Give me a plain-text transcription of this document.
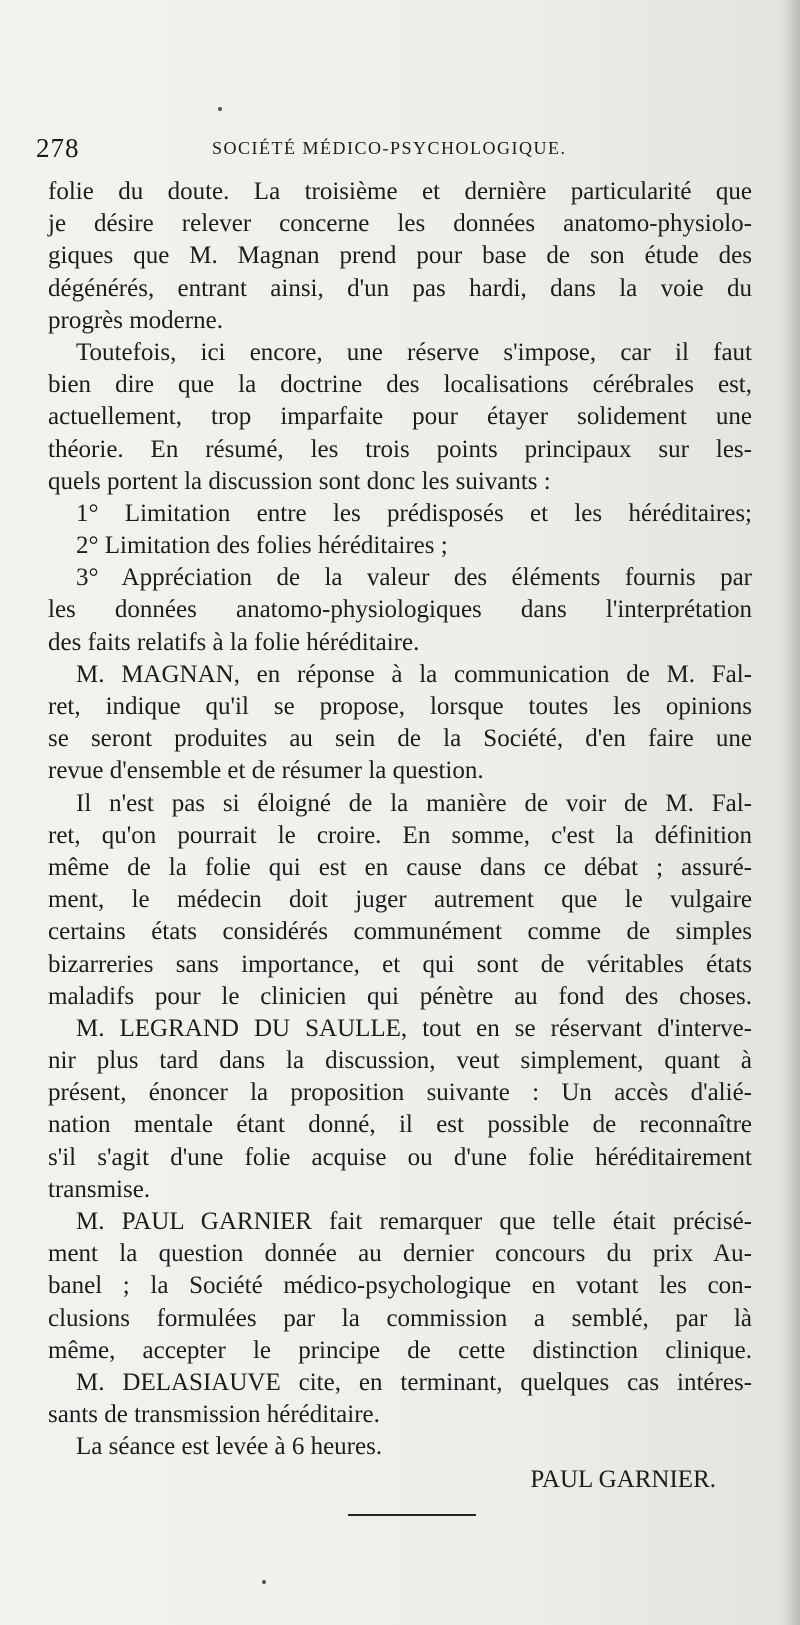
278	SOCIÉTÉ MÉDICO-PSYCHOLOGIQUE.
folie du doute. La troisième et dernière particularité que
je désire relever concerne les données anatomo-physiolo-
giques que M. Magnan prend pour base de son étude des
dégénérés, entrant ainsi, d'un pas hardi, dans la voie du
progrès moderne.
Toutefois, ici encore, une réserve s'impose, car il faut
bien dire que la doctrine des localisations cérébrales est,
actuellement, trop imparfaite pour étayer solidement une
théorie. En résumé, les trois points principaux sur les-
quels portent la discussion sont donc les suivants :
1° Limitation entre les prédisposés et les héréditaires;
2° Limitation des folies héréditaires ;
3° Appréciation de la valeur des éléments fournis par
les données anatomo-physiologiques dans l'interprétation
des faits relatifs à la folie héréditaire.
M. MAGNAN, en réponse à la communication de M. Fal-
ret, indique qu'il se propose, lorsque toutes les opinions
se seront produites au sein de la Société, d'en faire une
revue d'ensemble et de résumer la question.
Il n'est pas si éloigné de la manière de voir de M. Fal-
ret, qu'on pourrait le croire. En somme, c'est la définition
même de la folie qui est en cause dans ce débat ; assuré-
ment, le médecin doit juger autrement que le vulgaire
certains états considérés communément comme de simples
bizarreries sans importance, et qui sont de véritables états
maladifs pour le clinicien qui pénètre au fond des choses.
M. LEGRAND DU SAULLE, tout en se réservant d'interve-
nir plus tard dans la discussion, veut simplement, quant à
présent, énoncer la proposition suivante : Un accès d'alié-
nation mentale étant donné, il est possible de reconnaître
s'il s'agit d'une folie acquise ou d'une folie héréditairement
transmise.
M. PAUL GARNIER fait remarquer que telle était précisé-
ment la question donnée au dernier concours du prix Au-
banel ; la Société médico-psychologique en votant les con-
clusions formulées par la commission a semblé, par là
même, accepter le principe de cette distinction clinique.
M. DELASIAUVE cite, en terminant, quelques cas intéres-
sants de transmission héréditaire.
La séance est levée à 6 heures.
PAUL GARNIER.
